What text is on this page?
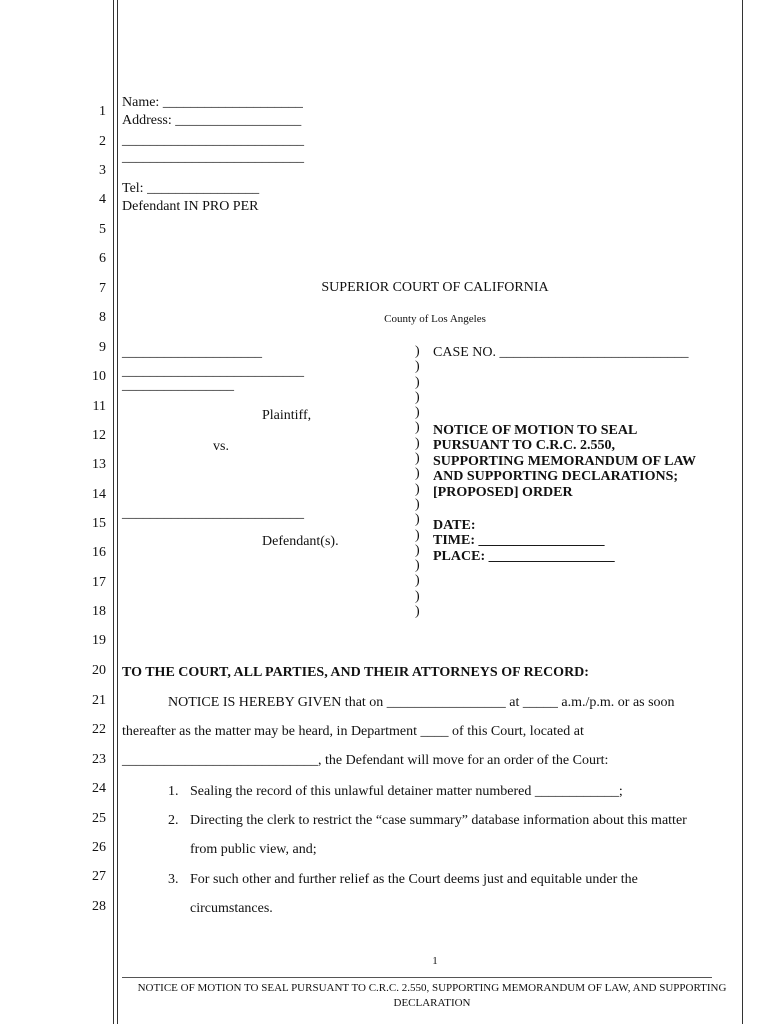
1
2
3
4
5
6
7
8
9
10
11
12
13
14
15
16
17
18
19
20
21
22
23
24
25
26
27
28
Name: ____________________
Address: __________________
__________________________
__________________________
Tel: ________________
Defendant IN PRO PER
SUPERIOR COURT OF CALIFORNIA
County of Los Angeles
____________________
__________________________
________________
Plaintiff,
vs.
__________________________
Defendant(s).
)
)
)
)
)
)
)
)
)
)
)
)
)
)
)
)
)
)
CASE NO. ___________________________
NOTICE OF MOTION TO SEAL
PURSUANT TO C.R.C. 2.550,
SUPPORTING MEMORANDUM OF LAW
AND SUPPORTING DECLARATIONS;
[PROPOSED] ORDER
DATE:
TIME: __________________
PLACE: __________________
TO THE COURT, ALL PARTIES, AND THEIR ATTORNEYS OF RECORD:
NOTICE IS HEREBY GIVEN that on _________________ at _____ a.m./p.m. or as soon
thereafter as the matter may be heard, in Department ____ of this Court, located at
____________________________, the Defendant will move for an order of the Court:
1. Sealing the record of this unlawful detainer matter numbered ____________;
2. Directing the clerk to restrict the “case summary” database information about this matter
from public view, and;
3. For such other and further relief as the Court deems just and equitable under the
circumstances.
1
NOTICE OF MOTION TO SEAL PURSUANT TO C.R.C. 2.550, SUPPORTING MEMORANDUM OF LAW, AND SUPPORTING DECLARATION
